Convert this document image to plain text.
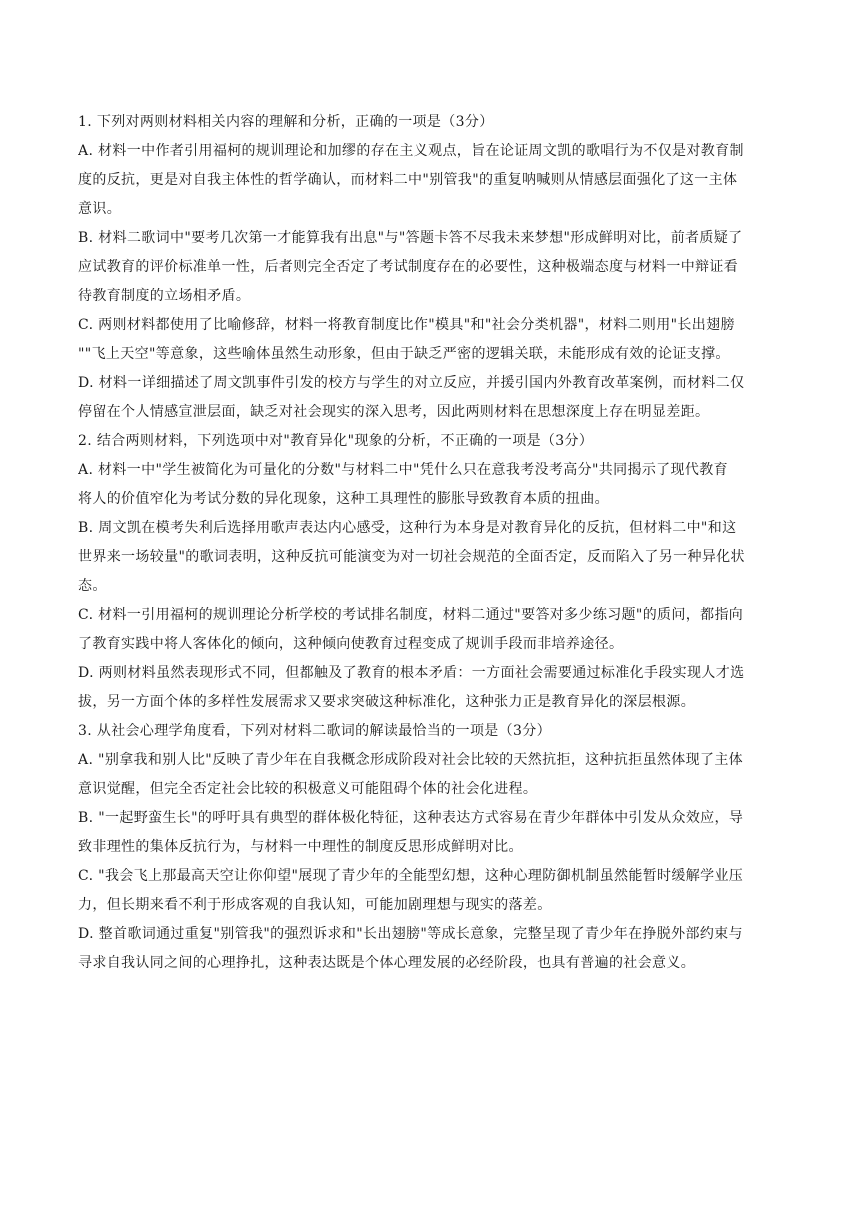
1. 下列对两则材料相关内容的理解和分析，正确的一项是（3分）
A. 材料一中作者引用福柯的规训理论和加缪的存在主义观点，旨在论证周文凯的歌唱行为不仅是对教育制
度的反抗，更是对自我主体性的哲学确认，而材料二中"别管我"的重复呐喊则从情感层面强化了这一主体
意识。
B. 材料二歌词中"要考几次第一才能算我有出息"与"答题卡答不尽我未来梦想"形成鲜明对比，前者质疑了
应试教育的评价标准单一性，后者则完全否定了考试制度存在的必要性，这种极端态度与材料一中辩证看
待教育制度的立场相矛盾。
C. 两则材料都使用了比喻修辞，材料一将教育制度比作"模具"和"社会分类机器"，材料二则用"长出翅膀
""飞上天空"等意象，这些喻体虽然生动形象，但由于缺乏严密的逻辑关联，未能形成有效的论证支撑。
D. 材料一详细描述了周文凯事件引发的校方与学生的对立反应，并援引国内外教育改革案例，而材料二仅
停留在个人情感宣泄层面，缺乏对社会现实的深入思考，因此两则材料在思想深度上存在明显差距。
2. 结合两则材料，下列选项中对"教育异化"现象的分析，不正确的一项是（3分）
A. 材料一中"学生被简化为可量化的分数"与材料二中"凭什么只在意我考没考高分"共同揭示了现代教育
将人的价值窄化为考试分数的异化现象，这种工具理性的膨胀导致教育本质的扭曲。
B. 周文凯在模考失利后选择用歌声表达内心感受，这种行为本身是对教育异化的反抗，但材料二中"和这
世界来一场较量"的歌词表明，这种反抗可能演变为对一切社会规范的全面否定，反而陷入了另一种异化状
态。
C. 材料一引用福柯的规训理论分析学校的考试排名制度，材料二通过"要答对多少练习题"的质问，都指向
了教育实践中将人客体化的倾向，这种倾向使教育过程变成了规训手段而非培养途径。
D. 两则材料虽然表现形式不同，但都触及了教育的根本矛盾：一方面社会需要通过标准化手段实现人才选
拔，另一方面个体的多样性发展需求又要求突破这种标准化，这种张力正是教育异化的深层根源。
3. 从社会心理学角度看，下列对材料二歌词的解读最恰当的一项是（3分）
A. "别拿我和别人比"反映了青少年在自我概念形成阶段对社会比较的天然抗拒，这种抗拒虽然体现了主体
意识觉醒，但完全否定社会比较的积极意义可能阻碍个体的社会化进程。
B. "一起野蛮生长"的呼吁具有典型的群体极化特征，这种表达方式容易在青少年群体中引发从众效应，导
致非理性的集体反抗行为，与材料一中理性的制度反思形成鲜明对比。
C. "我会飞上那最高天空让你仰望"展现了青少年的全能型幻想，这种心理防御机制虽然能暂时缓解学业压
力，但长期来看不利于形成客观的自我认知，可能加剧理想与现实的落差。
D. 整首歌词通过重复"别管我"的强烈诉求和"长出翅膀"等成长意象，完整呈现了青少年在挣脱外部约束与
寻求自我认同之间的心理挣扎，这种表达既是个体心理发展的必经阶段，也具有普遍的社会意义。
